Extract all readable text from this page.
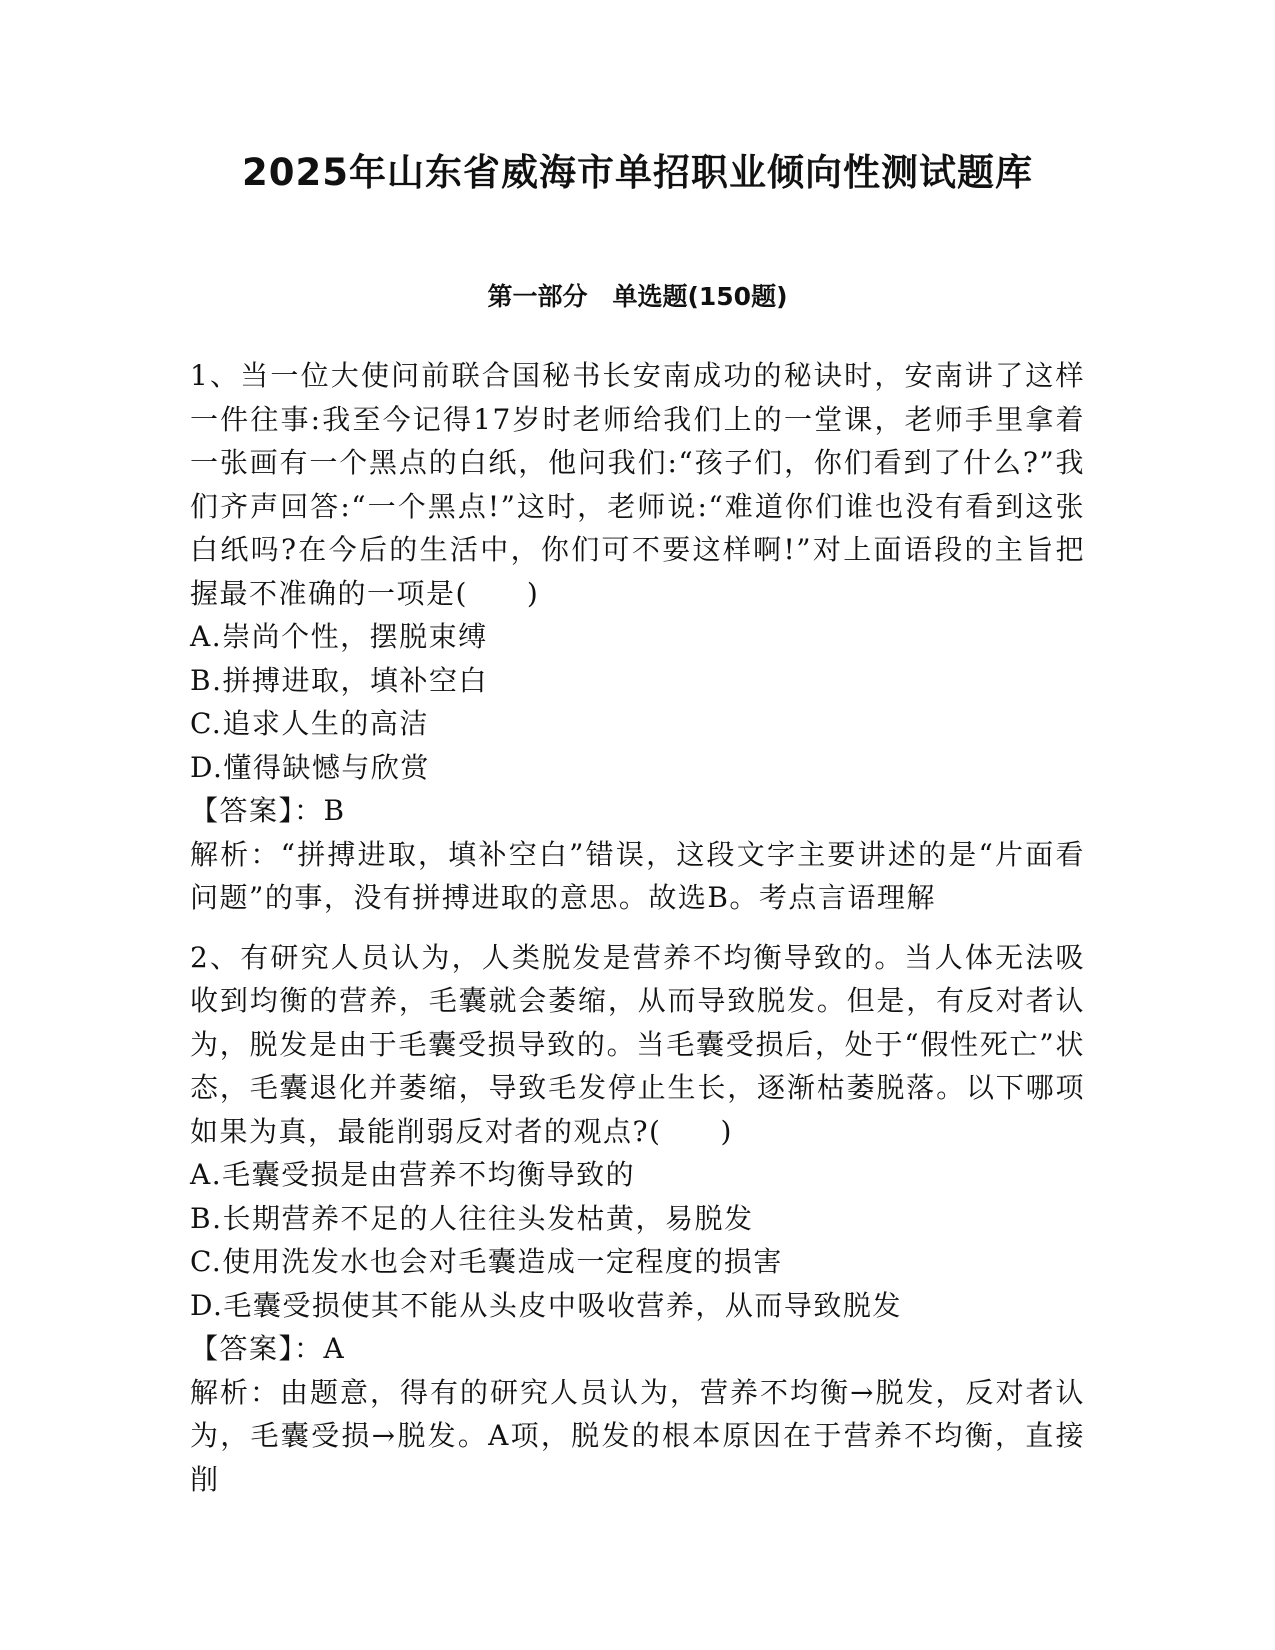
2025年山东省威海市单招职业倾向性测试题库
第一部分　单选题(150题)

1、当一位大使问前联合国秘书长安南成功的秘诀时，安南讲了这样一件往事:我至今记得17岁时老师给我们上的一堂课，老师手里拿着一张画有一个黑点的白纸，他问我们:“孩子们，你们看到了什么?”我们齐声回答:“一个黑点!”这时，老师说:“难道你们谁也没有看到这张白纸吗?在今后的生活中，你们可不要这样啊!”对上面语段的主旨把握最不准确的一项是(　　)

A.崇尚个性，摆脱束缚

B.拼搏进取，填补空白

C.追求人生的高洁

D.懂得缺憾与欣赏

【答案】：B

解析：“拼搏进取，填补空白”错误，这段文字主要讲述的是“片面看问题”的事，没有拼搏进取的意思。故选B。考点言语理解

2、有研究人员认为，人类脱发是营养不均衡导致的。当人体无法吸收到均衡的营养，毛囊就会萎缩，从而导致脱发。但是，有反对者认为，脱发是由于毛囊受损导致的。当毛囊受损后，处于“假性死亡”状态，毛囊退化并萎缩，导致毛发停止生长，逐渐枯萎脱落。以下哪项如果为真，最能削弱反对者的观点?(　　)

A.毛囊受损是由营养不均衡导致的

B.长期营养不足的人往往头发枯黄，易脱发

C.使用洗发水也会对毛囊造成一定程度的损害

D.毛囊受损使其不能从头皮中吸收营养，从而导致脱发

【答案】：A

解析：由题意，得有的研究人员认为，营养不均衡→脱发，反对者认为，毛囊受损→脱发。A项，脱发的根本原因在于营养不均衡，直接削
